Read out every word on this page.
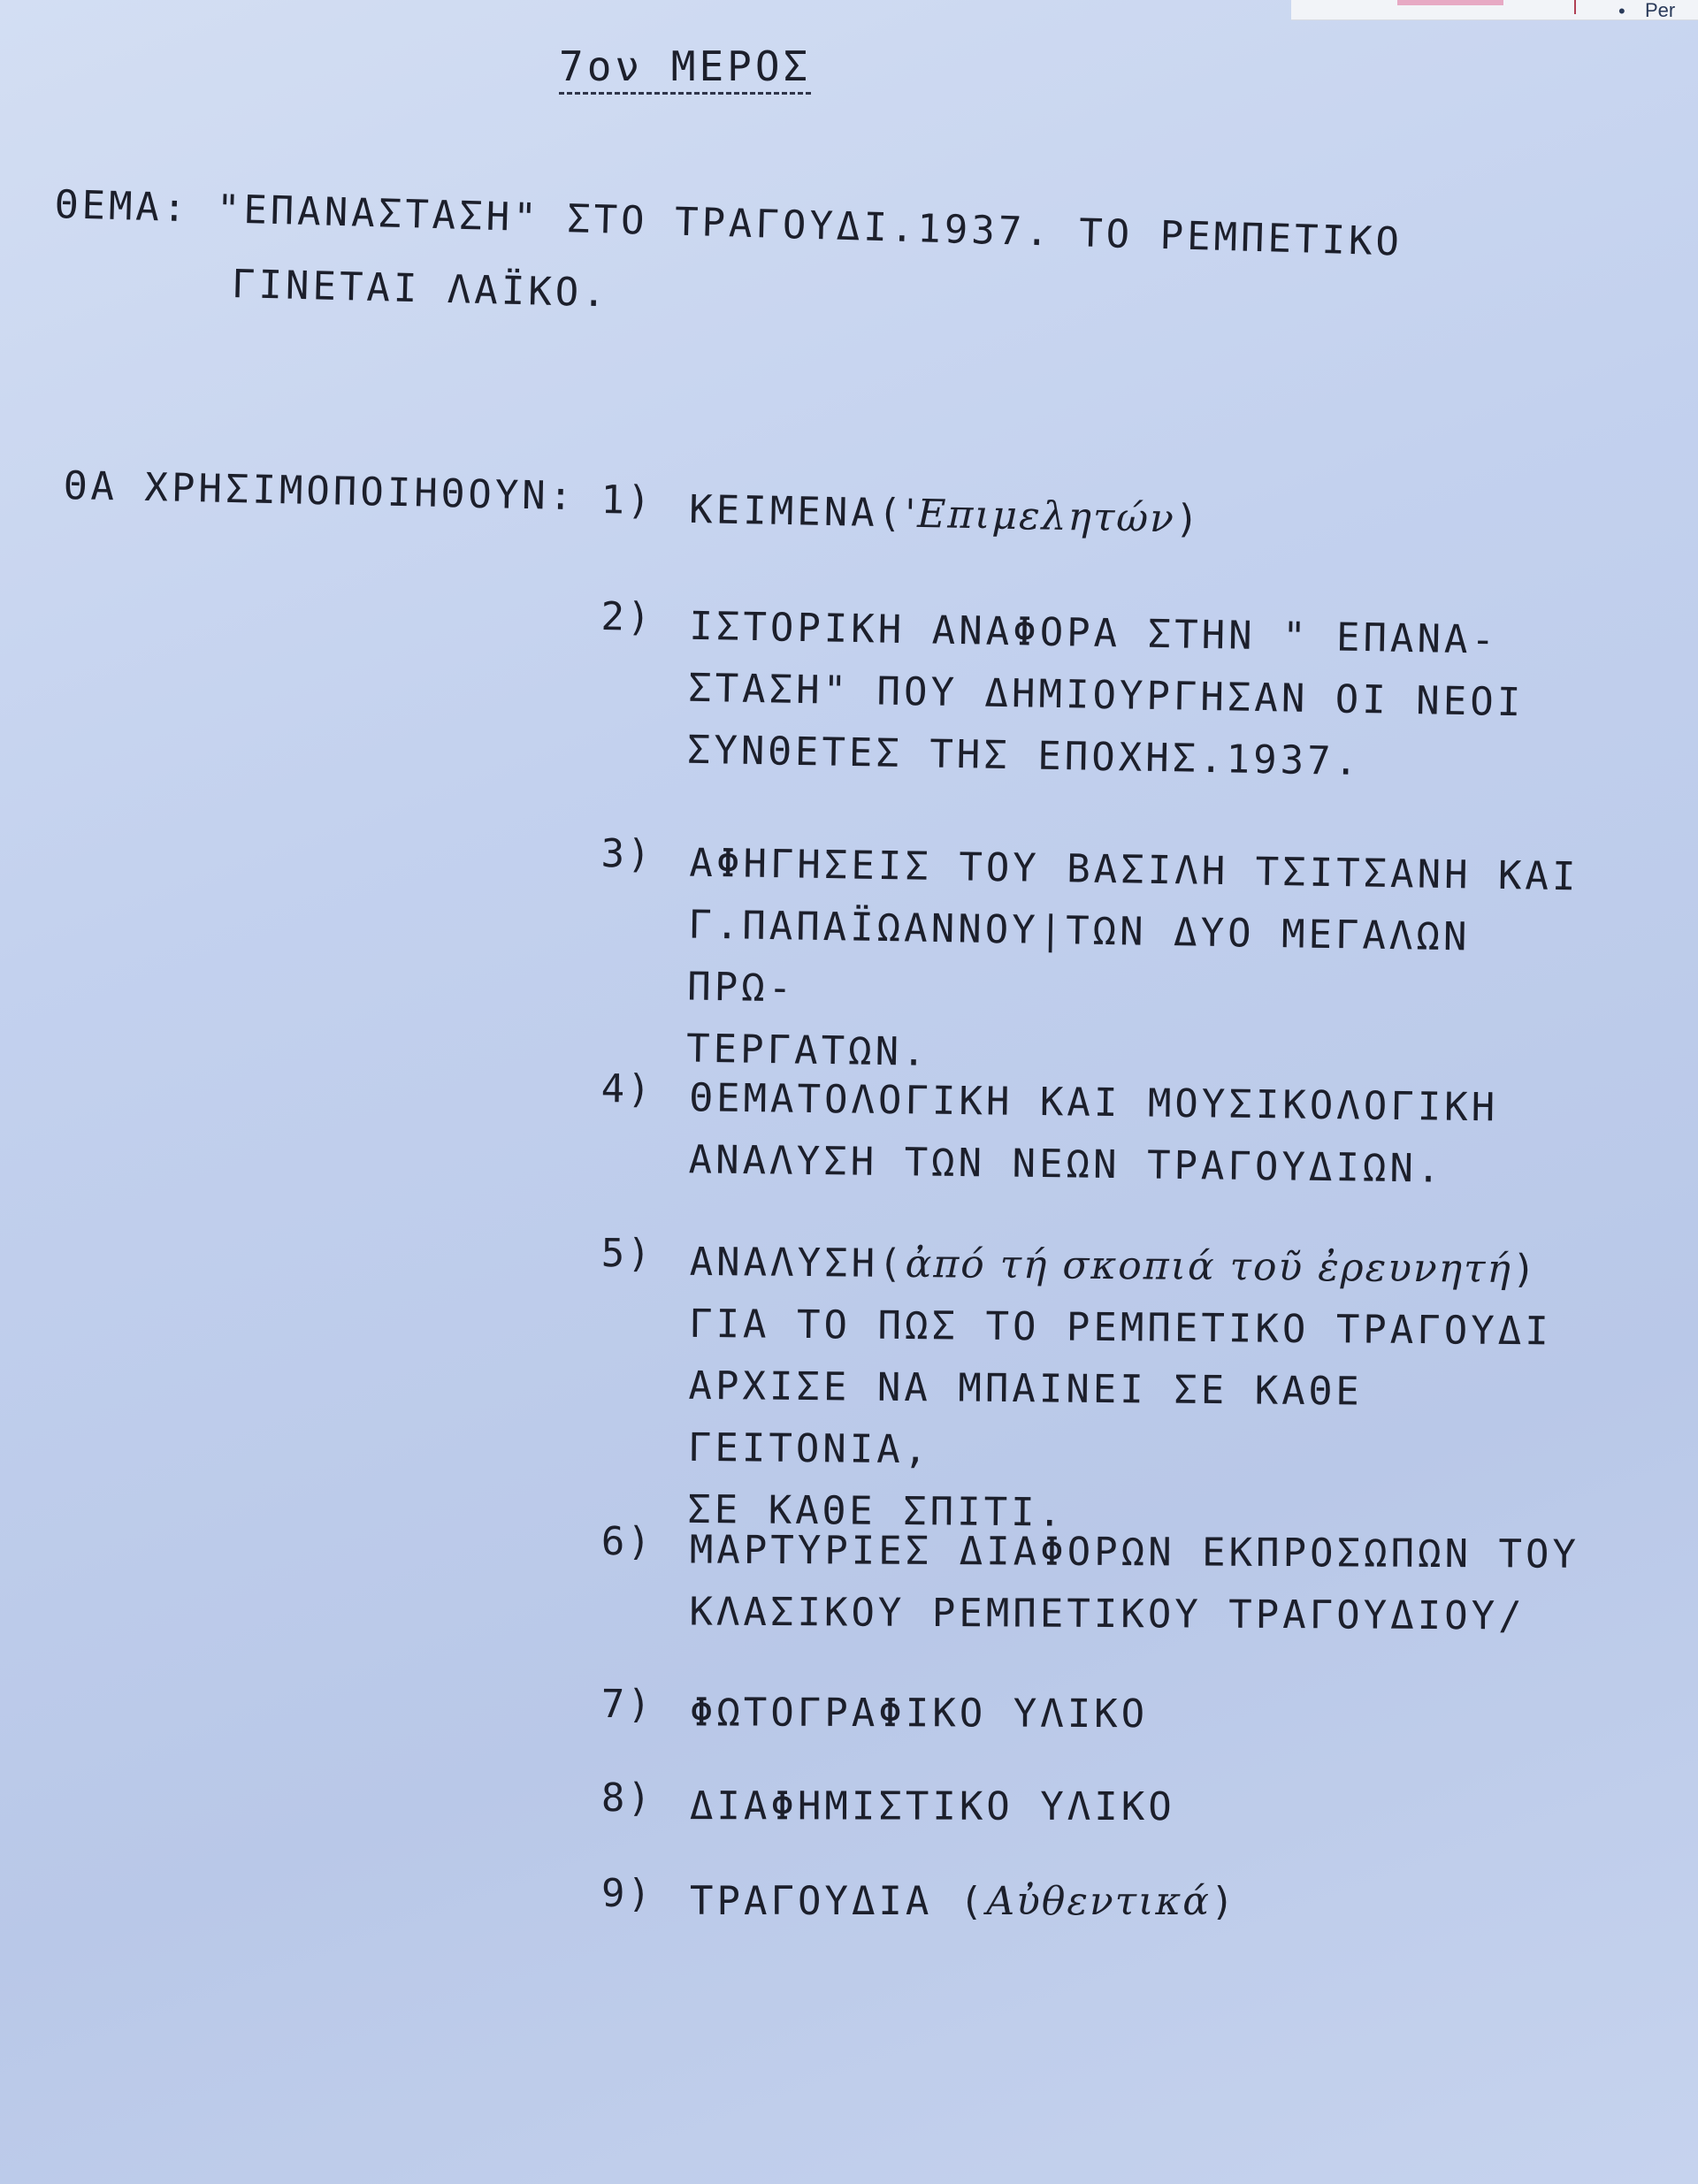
• Per
7ον ΜΕΡΟΣ
ΘΕΜΑ: "ΕΠΑΝΑΣΤΑΣΗ" ΣΤΟ ΤΡΑΓΟΥΔΙ.1937. ΤΟ ΡΕΜΠΕΤΙΚΟ
ΓΙΝΕΤΑΙ ΛΑΪΚΟ.
ΘΑ ΧΡΗΣΙΜΟΠΟΙΗΘΟΥΝ: 1) ΚΕΙΜΕΝΑ('Επιμελητών)
2) ΙΣΤΟΡΙΚΗ ΑΝΑΦΟΡΑ ΣΤΗΝ " ΕΠΑΝΑ-
ΣΤΑΣΗ" ΠΟΥ ΔΗΜΙΟΥΡΓΗΣΑΝ ΟΙ ΝΕΟΙ
ΣΥΝΘΕΤΕΣ ΤΗΣ ΕΠΟΧΗΣ.1937.
3) ΑΦΗΓΗΣΕΙΣ ΤΟΥ ΒΑΣΙΛΗ ΤΣΙΤΣΑΝΗ ΚΑΙ
Γ.ΠΑΠΑΪΩΑΝΝΟΥ|ΤΩΝ ΔΥΟ ΜΕΓΑΛΩΝ ΠΡΩ-
ΤΕΡΓΑΤΩΝ.
4) ΘΕΜΑΤΟΛΟΓΙΚΗ ΚΑΙ ΜΟΥΣΙΚΟΛΟΓΙΚΗ
ΑΝΑΛΥΣΗ ΤΩΝ ΝΕΩΝ ΤΡΑΓΟΥΔΙΩΝ.
5) ΑΝΑΛΥΣΗ(ἀπό τή σκοπιά τοῦ ἐρευνητή)
ΓΙΑ ΤΟ ΠΩΣ ΤΟ ΡΕΜΠΕΤΙΚΟ ΤΡΑΓΟΥΔΙ
ΑΡΧΙΣΕ ΝΑ ΜΠΑΙΝΕΙ ΣΕ ΚΑΘΕ ΓΕΙΤΟΝΙΑ,
ΣΕ ΚΑΘΕ ΣΠΙΤΙ.
6) ΜΑΡΤΥΡΙΕΣ ΔΙΑΦΟΡΩΝ ΕΚΠΡΟΣΩΠΩΝ ΤΟΥ
ΚΛΑΣΙΚΟΥ ΡΕΜΠΕΤΙΚΟΥ ΤΡΑΓΟΥΔΙΟΥ/
7) ΦΩΤΟΓΡΑΦΙΚΟ ΥΛΙΚΟ
8) ΔΙΑΦΗΜΙΣΤΙΚΟ ΥΛΙΚΟ
9) ΤΡΑΓΟΥΔΙΑ (Αὐθεντικά)
